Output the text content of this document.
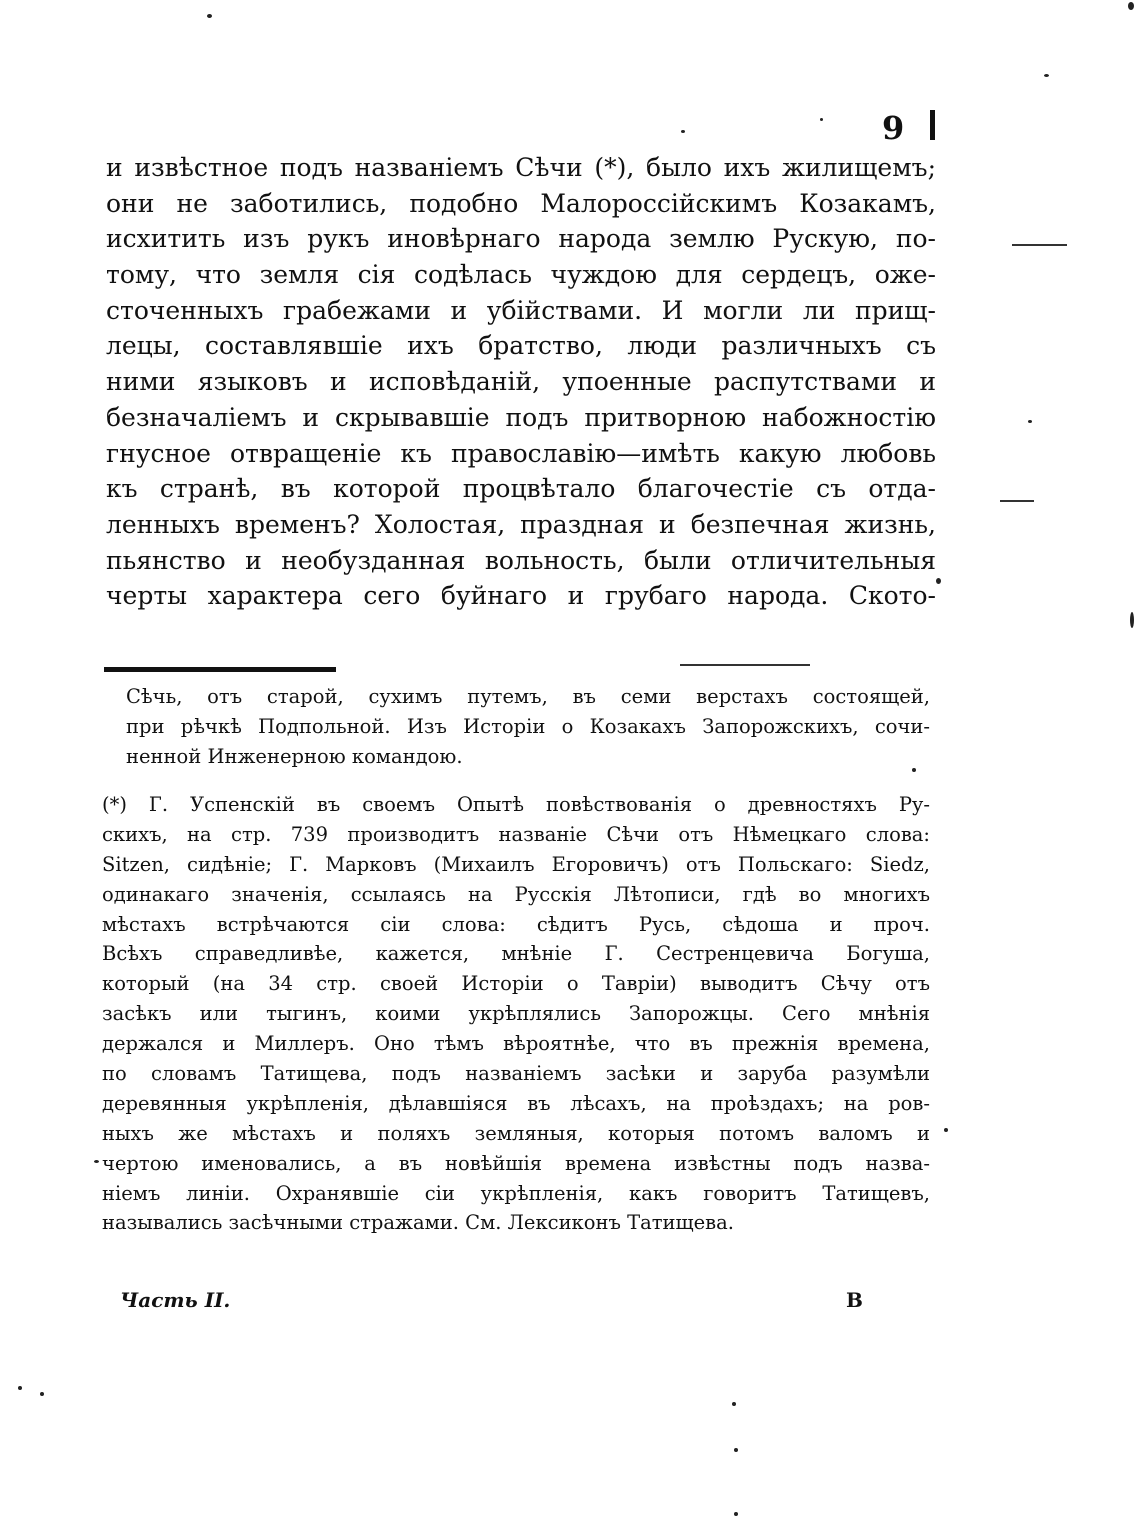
9
и извѣстное подъ названіемъ Сѣчи (*), было ихъ жилищемъ;
они не заботились, подобно Малороссійскимъ Козакамъ,
исхитить изъ рукъ иновѣрнаго народа землю Рускую, по-
тому, что земля сія содѣлась чуждою для сердецъ, ожe-
сточенныхъ грабежами и убійствами. И могли ли прищ-
лецы, составлявшіе ихъ братство, люди различныхъ съ
ними языковъ и исповѣданій, упоенные распутствами и
безначаліемъ и скрывавшіе подъ притворною набожностію
гнусное отвращеніе къ православію—имѣть какую любовь
къ странѣ, въ которой процвѣтало благочестіе съ отда-
ленныхъ временъ? Холостая, праздная и безпечная жизнь,
пьянство и необузданная вольность, были отличительныя
черты характера сего буйнаго и грубаго народа. Ското-
Сѣчь, отъ старой, сухимъ путемъ, въ семи верстахъ состоящей,
при рѣчкѣ Подпольной. Изъ Исторіи о Козакахъ Запорожскихъ, сочи-
ненной Инженерною командою.
(*) Г. Успенскій въ своемъ Опытѣ повѣствованія о древностяхъ Ру-
скихъ, на стр. 739 производитъ названіе Сѣчи отъ Нѣмецкаго слова:
Sitzen, сидѣніе; Г. Марковъ (Михаилъ Егоровичъ) отъ Польскаго: Siedz,
одинакаго значенія, ссылаясь на Русскія Лѣтописи, гдѣ во многихъ
мѣстахъ встрѣчаются сіи слова: сѣдитъ Русь, сѣдоша и проч.
Всѣхъ справедливѣе, кажется, мнѣніе Г. Сестренцевича Богуша,
который (на 34 стр. своей Исторіи о Тавріи) выводитъ Сѣчу отъ
засѣкъ или тыгинъ, коими укрѣплялись Запорожцы. Сего мнѣнія
держался и Миллеръ. Оно тѣмъ вѣроятнѣе, что въ прежнія времена,
по словамъ Татищева, подъ названіемъ засѣки и заруба разумѣли
деревянныя укрѣпленія, дѣлавшіяся въ лѣсахъ, на проѣздахъ; на ров-
ныхъ же мѣстахъ и поляхъ земляныя, которыя потомъ валомъ и
чертою именовались, а въ новѣйшія времена извѣстны подъ назва-
ніемъ линіи. Охранявшіе сіи укрѣпленія, какъ говоритъ Татищевъ,
назывались засѣчными стражами. См. Лексиконъ Татищева.
Часть II.	В
